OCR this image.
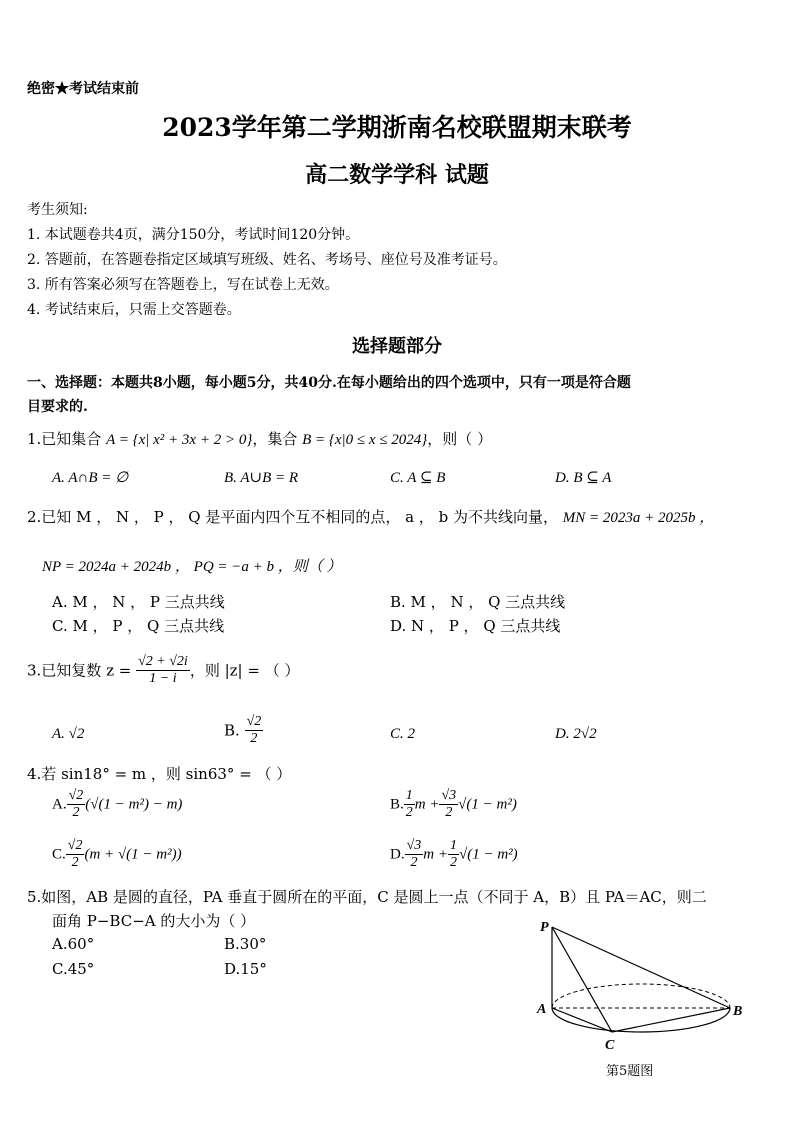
绝密★考试结束前
2023学年第二学期浙南名校联盟期末联考
高二数学学科 试题
考生须知:
1. 本试题卷共4页，满分150分，考试时间120分钟。
2. 答题前，在答题卷指定区域填写班级、姓名、考场号、座位号及准考证号。
3. 所有答案必须写在答题卷上，写在试卷上无效。
4. 考试结束后，只需上交答题卷。
选择题部分
一、选择题：本题共8小题，每小题5分，共40分.在每小题给出的四个选项中，只有一项是符合题
目要求的.
1.已知集合 A = {x| x² + 3x + 2 > 0}，集合 B = {x|0 ≤ x ≤ 2024}，则（ ）
A. A∩B = ∅	B. A∪B = R	C. A ⊆ B	D. B ⊆ A
2.已知 M ， N ， P ， Q 是平面内四个互不相同的点， a ， b 为不共线向量， MN = 2023a + 2025b ，
NP = 2024a + 2024b ， PQ = −a + b ，则（ ）
A. M ， N ， P 三点共线	B. M ， N ， Q 三点共线
C. M ， P ， Q 三点共线	D. N ， P ， Q 三点共线
3.已知复数 $z = \frac{√2 + √2i}{1 - i}$ ，则 |z| = （ ）
A. √2	B. $\frac{√2}{2}$	C. 2	D. 2√2
4.若 sin18° = m ，则 sin63° = （ ）
A. $\frac{√2}{2} (√(1 - m^2) - m)$	B. $\frac{1}{2}$ $m + \frac{√3}{2} √(1 - m^2)$
C. $\frac{√2}{2} (m + √(1 - m^2))$	D. $\frac{√3}{2}$ $m + \frac{1}{2} √(1 - m^2)$
5.如图，AB 是圆的直径，PA 垂直于圆所在的平面，C 是圆上一点（不同于 A，B）且 PA＝AC，则二
面角 P−BC−A 的大小为（ ）
A.60°	B.30°
C.45°	D.15°
P
A	B
C
第5题图
